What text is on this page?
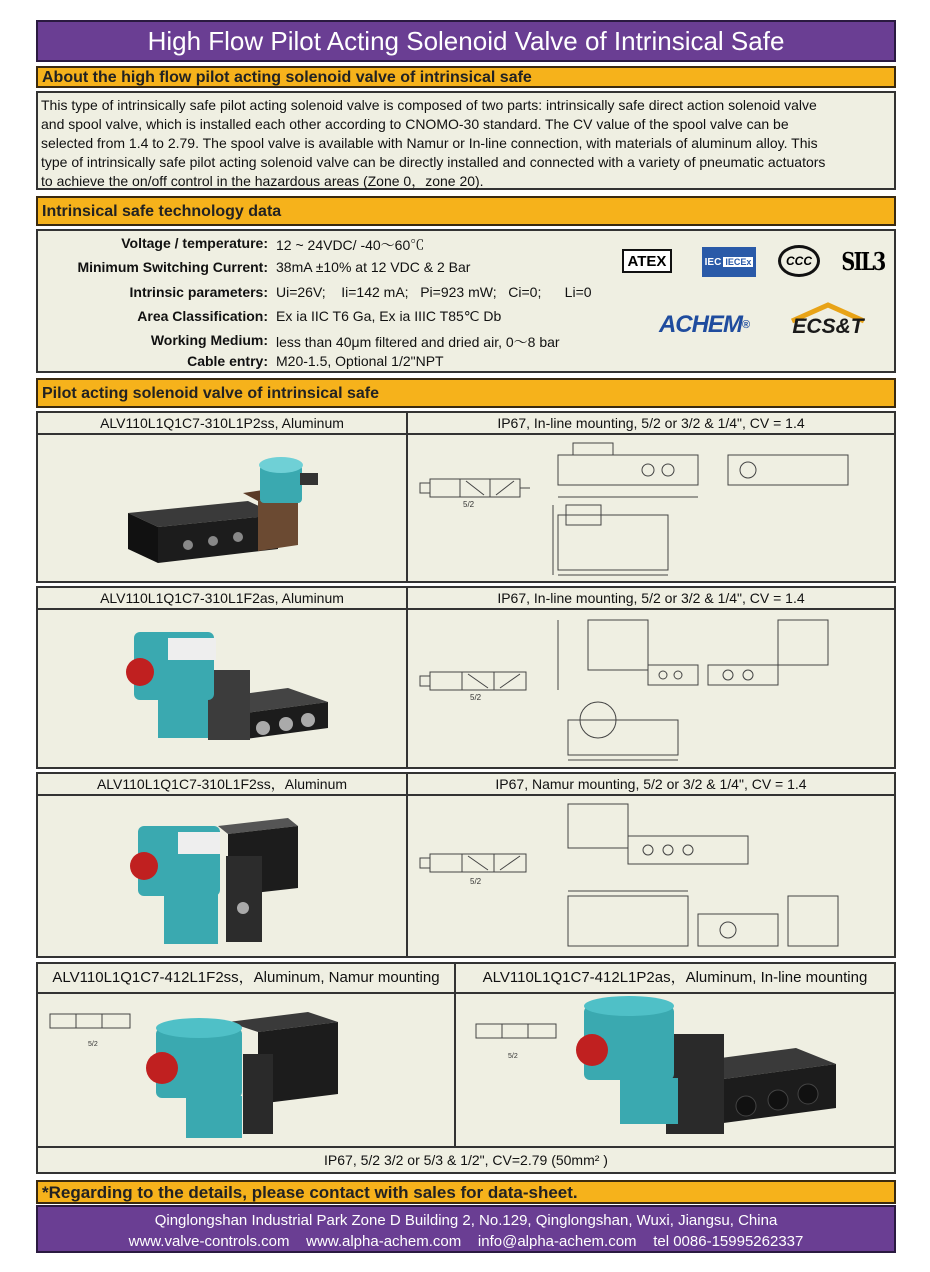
High Flow Pilot Acting Solenoid Valve of Intrinsical Safe
About the high flow pilot acting solenoid valve of intrinsical safe
This type of intrinsically safe pilot acting solenoid valve is composed of two parts: intrinsically safe direct action solenoid valve
and spool valve, which is installed each other according to CNOMO-30 standard. The CV value of the spool valve can be
selected from 1.4 to 2.79. The spool valve is available with Namur or In-line connection, with materials of aluminum alloy. This
type of intrinsically safe pilot acting solenoid valve can be directly installed and connected with a variety of pneumatic actuators
to achieve the on/off control in the hazardous areas (Zone 0，zone 20).
Intrinsical safe technology data
Voltage / temperature: 12 ~ 24VDC/ -40～60℃
Minimum Switching Current: 38mA ±10% at 12 VDC & 2 Bar
Intrinsic parameters: Ui=26V;    Ii=142 mA;   Pi=923 mW;   Ci=0;      Li=0
Area Classification: Ex ia IIC T6 Ga, Ex ia IIIC T85℃ Db
Working Medium: less than 40μm filtered and dried air, 0～8 bar
Cable entry: M20-1.5, Optional 1/2"NPT
ATEX	IEC IECEx	CCC	SIL3
ACHEM ®	ECS&T
Pilot acting solenoid valve of intrinsical safe
ALV110L1Q1C7-310L1P2ss, Aluminum	IP67, In-line mounting, 5/2 or 3/2 & 1/4", CV = 1.4
5/2
ALV110L1Q1C7-310L1F2as, Aluminum	IP67, In-line mounting, 5/2 or 3/2 & 1/4", CV = 1.4
5/2
ALV110L1Q1C7-310L1F2ss，Aluminum	IP67, Namur mounting, 5/2 or 3/2 & 1/4", CV = 1.4
5/2
ALV110L1Q1C7-412L1F2ss，Aluminum, Namur mounting	ALV110L1Q1C7-412L1P2as，Aluminum, In-line mounting
5/2
5/2
IP67, 5/2 3/2 or 5/3 & 1/2", CV=2.79 (50mm² )
*Regarding to the details, please contact with sales for data-sheet.
Qinglongshan Industrial Park Zone D Building 2, No.129, Qinglongshan, Wuxi, Jiangsu, China
www.valve-controls.com    www.alpha-achem.com    info@alpha-achem.com    tel 0086-15995262337
